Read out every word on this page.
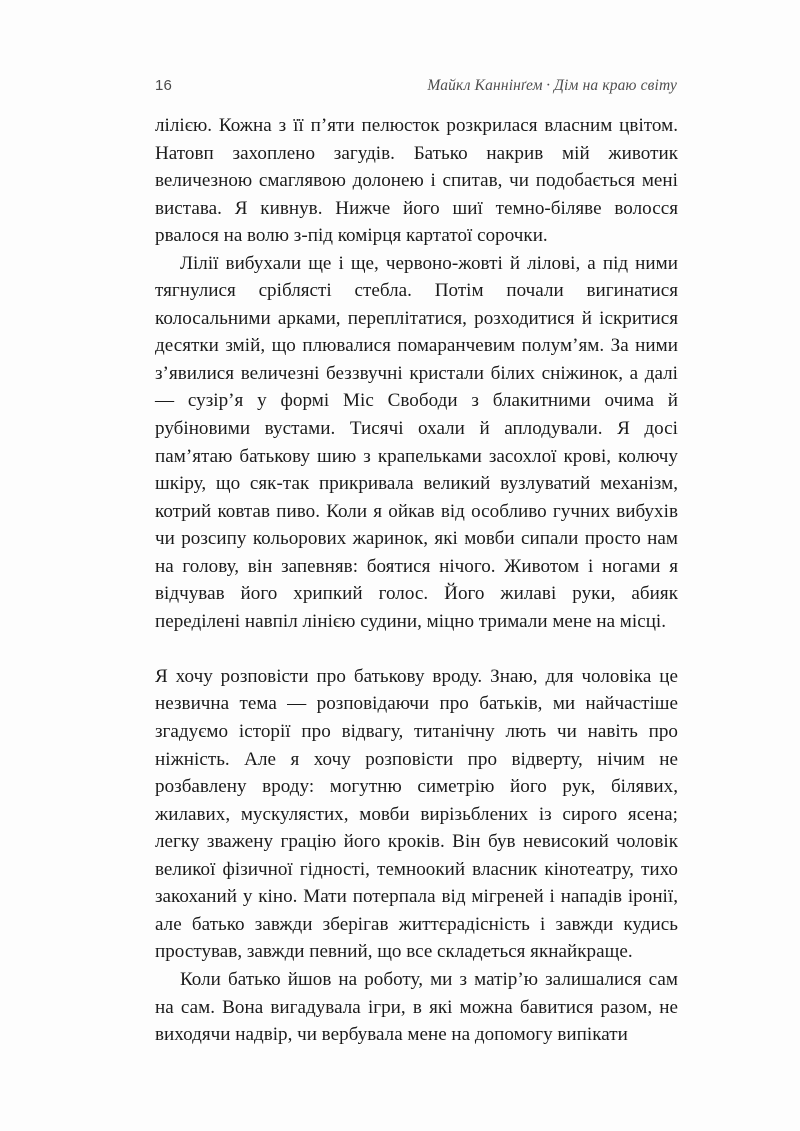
16	Майкл Каннінґем · Дім на краю світу

лілією. Кожна з її п’яти пелюсток розкрилася власним цвітом. Натовп захоплено загудів. Батько накрив мій животик величезною смаглявою долонею і спитав, чи подобається мені вистава. Я кивнув. Нижче його шиї темно-біляве волосся рвалося на волю з-під комірця картатої сорочки.

Лілії вибухали ще і ще, червоно-жовті й лілові, а під ними тягнулися сріблясті стебла. Потім почали вигинатися колосальними арками, переплітатися, розходитися й іскритися десятки змій, що плювалися помаранчевим полум’ям. За ними з’явилися величезні беззвучні кристали білих сніжинок, а далі — сузір’я у формі Міс Свободи з блакитними очима й рубіновими вустами. Тисячі охали й аплодували. Я досі пам’ятаю батькову шию з крапельками засохлої крові, колючу шкіру, що сяк-так прикривала великий вузлуватий механізм, котрий ковтав пиво. Коли я ойкав від особливо гучних вибухів чи розсипу кольорових жаринок, які мовби сипали просто нам на голову, він запевняв: боятися нічого. Животом і ногами я відчував його хрипкий голос. Його жилаві руки, абияк переділені навпіл лінією судини, міцно тримали мене на місці.

Я хочу розповісти про батькову вроду. Знаю, для чоловіка це незвична тема — розповідаючи про батьків, ми найчастіше згадуємо історії про відвагу, титанічну лють чи навіть про ніжність. Але я хочу розповісти про відверту, нічим не розбавлену вроду: могутню симетрію його рук, білявих, жилавих, мускулястих, мовби вирізьблених із сирого ясена; легку зважену грацію його кроків. Він був невисокий чоловік великої фізичної гідності, темноокий власник кінотеатру, тихо закоханий у кіно. Мати потерпала від мігреней і нападів іронії, але батько завжди зберігав життєрадісність і завжди кудись простував, завжди певний, що все складеться якнайкраще.

Коли батько йшов на роботу, ми з матір’ю залишалися сам на сам. Вона вигадувала ігри, в які можна бавитися разом, не виходячи надвір, чи вербувала мене на допомогу випікати
